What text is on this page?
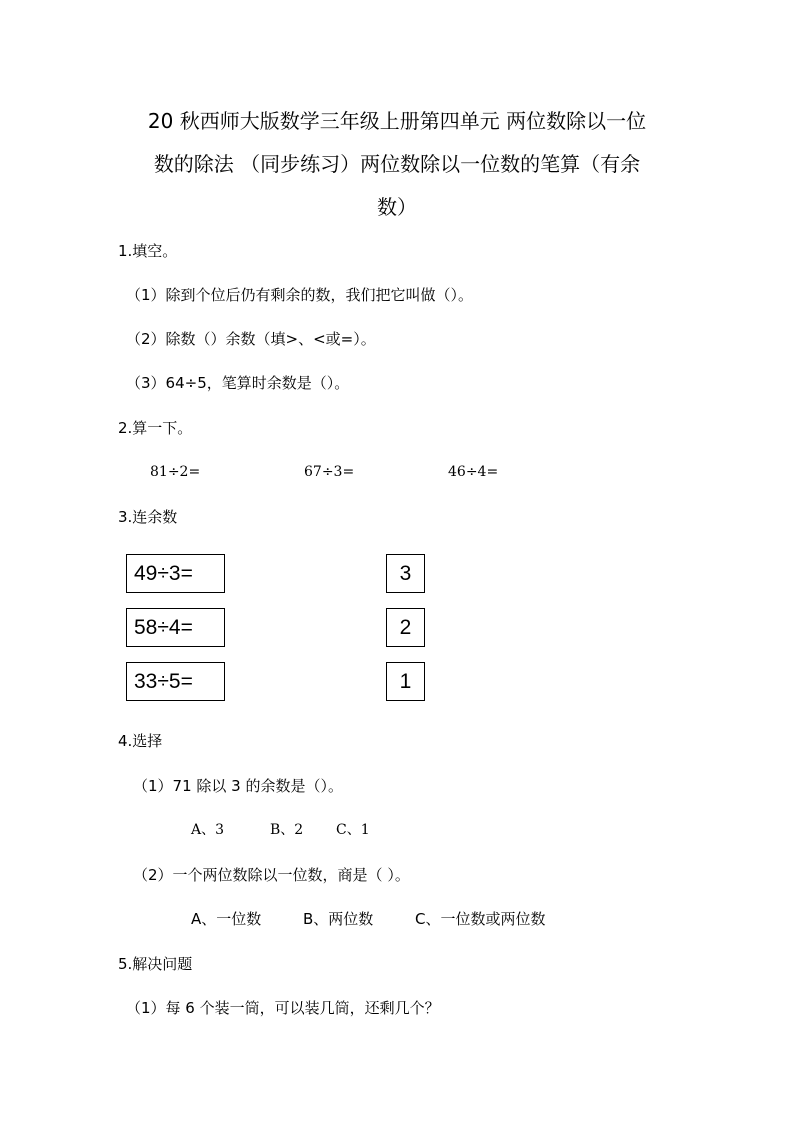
20 秋西师大版数学三年级上册第四单元 两位数除以一位
数的除法 （同步练习）两位数除以一位数的笔算（有余
数）
1.填空。
（1）除到个位后仍有剩余的数，我们把它叫做（）。
（2）除数（）余数（填>、<或=）。
（3）64÷5，笔算时余数是（）。
2.算一下。
81÷2=	67÷3=	46÷4=
3.连余数
49÷3=
58÷4=
33÷5=
3
2
1
4.选择
（1）71 除以 3 的余数是（）。
A、3	B、2 C、1
（2）一个两位数除以一位数，商是（ ）。
A、一位数	B、两位数	C、一位数或两位数
5.解决问题
（1）每 6 个装一筒，可以装几筒，还剩几个？
